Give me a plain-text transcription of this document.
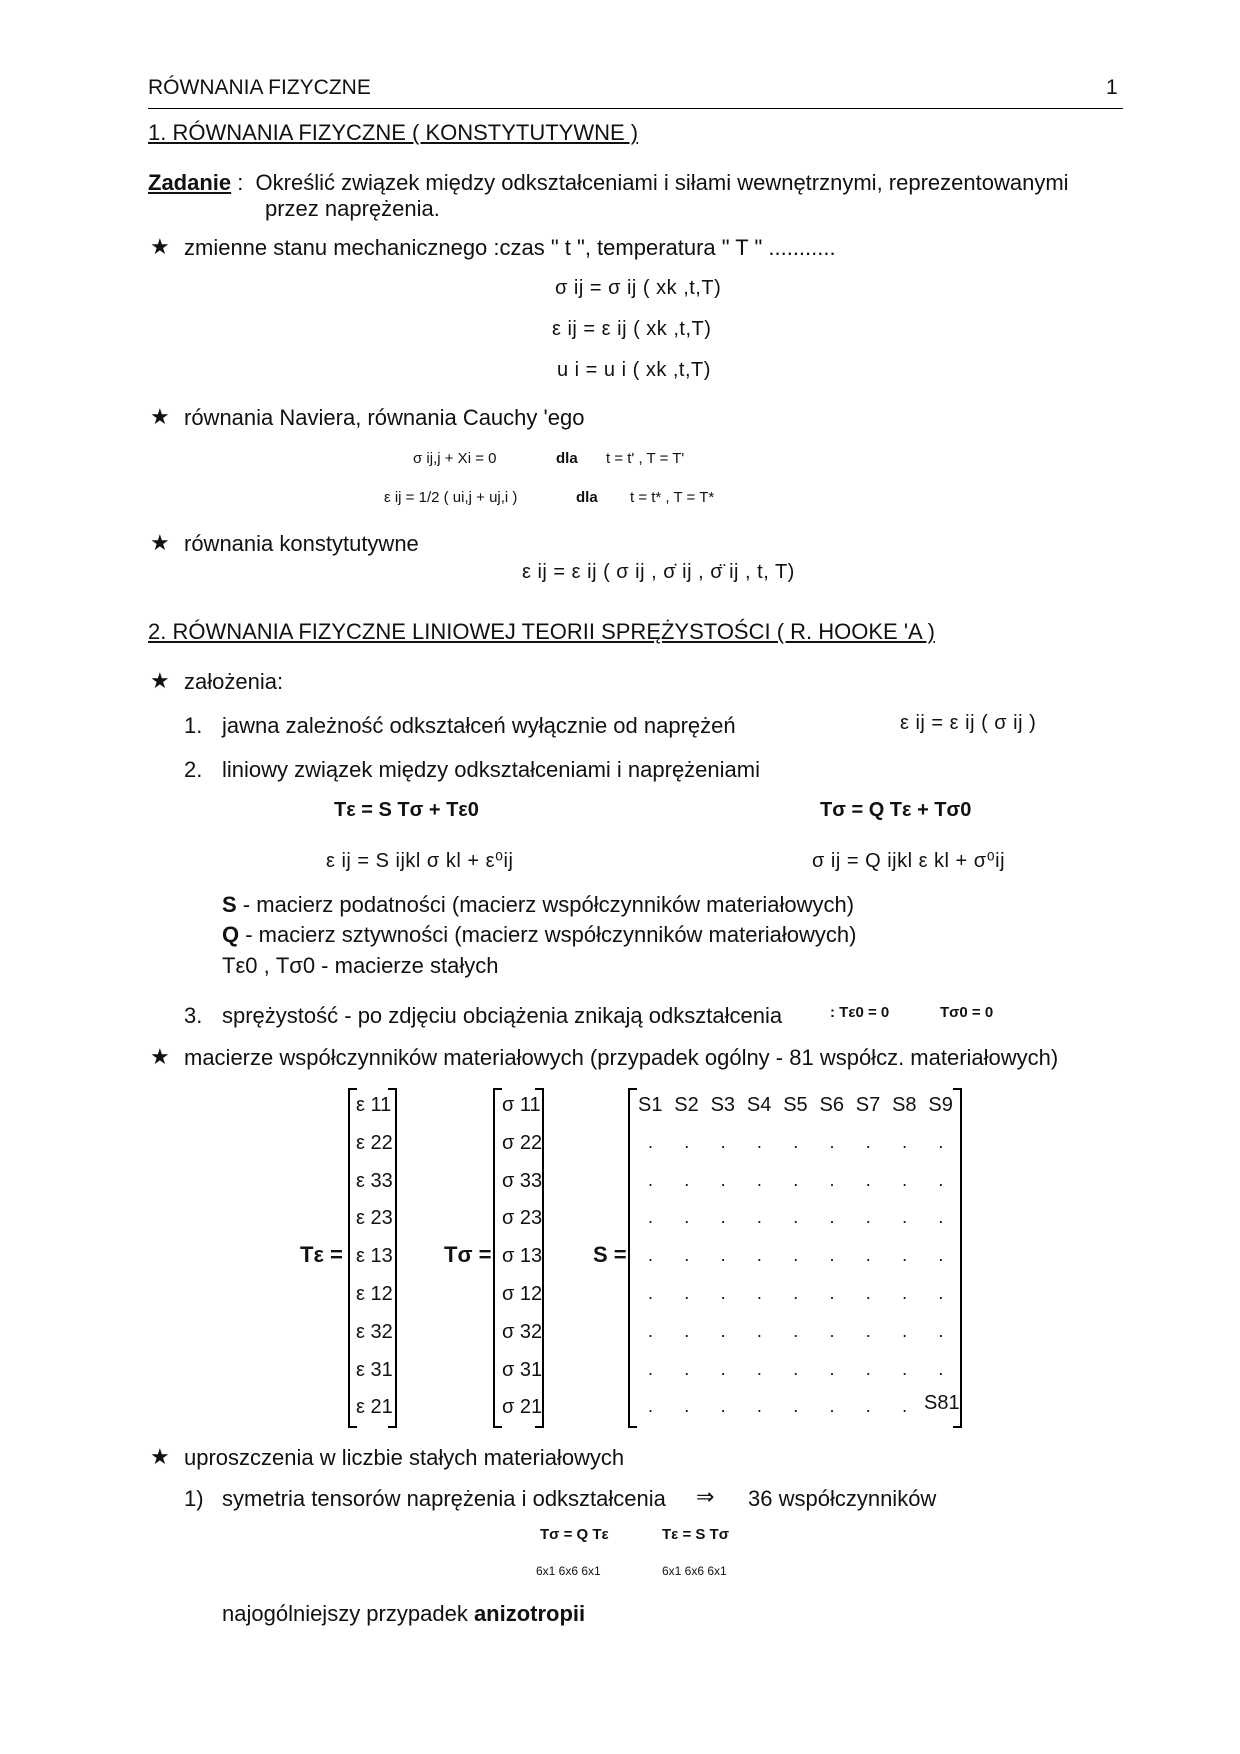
RÓWNANIA FIZYCZNE	1
1. RÓWNANIA FIZYCZNE ( KONSTYTUTYWNE )
Zadanie : Określić związek między odkształceniami i siłami wewnętrznymi, reprezentowanymi
przez naprężenia.
★ zmienne stanu mechanicznego :czas " t ", temperatura " T " ...........
σ ij = σ ij ( xk ,t,T)
ε ij = ε ij ( xk ,t,T)
u i = u i ( xk ,t,T)
★ równania Naviera, równania Cauchy 'ego
σ ij,j + Xi = 0	dla t = t' , T = T'
ε ij = 1/2 ( ui,j + uj,i )	dla t = t* , T = T*
★ równania konstytutywne
ε ij = ε ij ( σ ij , σ̇ ij , σ̈ ij , t, T)
2. RÓWNANIA FIZYCZNE LINIOWEJ TEORII SPRĘŻYSTOŚCI ( R. HOOKE 'A )
★ założenia:
1. jawna zależność odkształceń wyłącznie od naprężeń	ε ij = ε ij ( σ ij )
2. liniowy związek między odkształceniami i naprężeniami
Tε = S Tσ + Tε0	Tσ = Q Tε + Tσ0
ε ij = S ijkl σ kl + ε⁰ij	σ ij = Q ijkl ε kl + σ⁰ij
S - macierz podatności (macierz współczynników materiałowych)
Q - macierz sztywności (macierz współczynników materiałowych)
Tε0 , Tσ0 - macierze stałych
3. sprężystość - po zdjęciu obciążenia znikają odkształcenia	: Tε0 = 0	Tσ0 = 0
★ macierze współczynników materiałowych (przypadek ogólny - 81 współcz. materiałowych)
Tε =
ε 11
ε 22
ε 33
ε 23
ε 13
ε 12
ε 32
ε 31
ε 21
Tσ =
σ 11
σ 22
σ 33
σ 23
σ 13
σ 12
σ 32
σ 31
σ 21
S =
S1 S2 S3 S4 S5 S6 S7 S8 S9
. . . . . . . . .
. . . . . . . . .
. . . . . . . . .
. . . . . . . . .
. . . . . . . . .
. . . . . . . . .
. . . . . . . . .
. . . . . . . . S81
★ uproszczenia w liczbie stałych materiałowych
1) symetria tensorów naprężenia i odkształcenia ⇒ 36 współczynników
Tσ = Q Tε
6x1 6x6 6x1
Tε = S Tσ
6x1 6x6 6x1
najogólniejszy przypadek anizotropii
